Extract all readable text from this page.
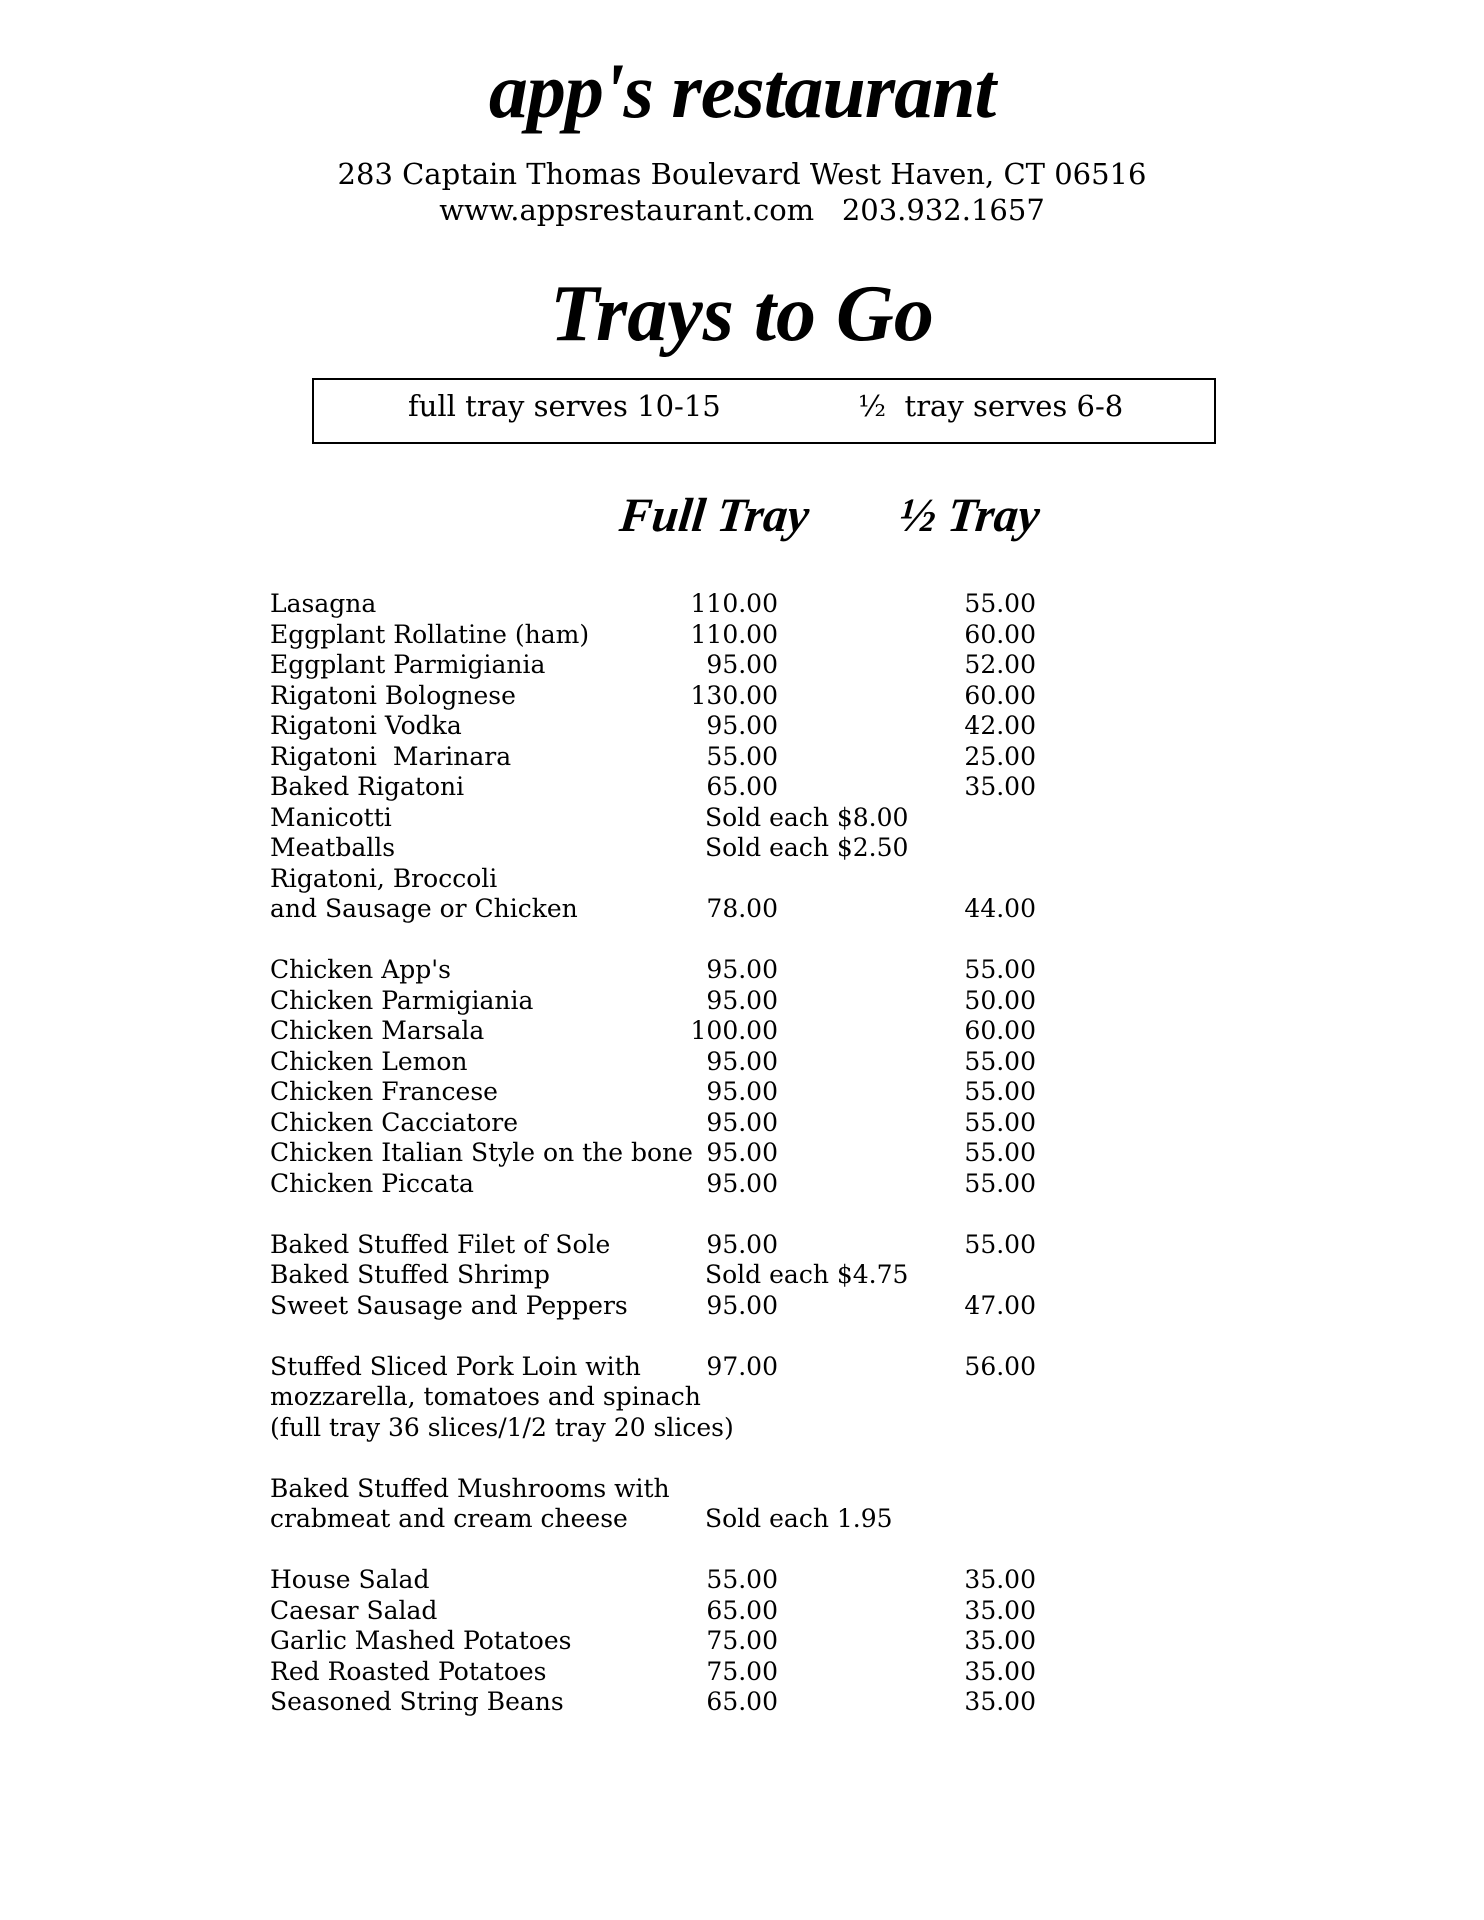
app's restaurant
283 Captain Thomas Boulevard West Haven, CT 06516
www.appsrestaurant.com   203.932.1657
Trays to Go
full tray serves 10-15	½  tray serves 6-8
Full Tray ½ Tray
Lasagna	110.00	55.00
Eggplant Rollatine (ham)	110.00	60.00
Eggplant Parmigiania	95.00	52.00
Rigatoni Bolognese	130.00	60.00
Rigatoni Vodka	95.00	42.00
Rigatoni  Marinara	55.00	25.00
Baked Rigatoni	65.00	35.00
Manicotti	Sold each $8.00
Meatballs	Sold each $2.50
Rigatoni, Broccoli
and Sausage or Chicken	78.00	44.00
Chicken App's	95.00	55.00
Chicken Parmigiania	95.00	50.00
Chicken Marsala	100.00	60.00
Chicken Lemon	95.00	55.00
Chicken Francese	95.00	55.00
Chicken Cacciatore	95.00	55.00
Chicken Italian Style on the bone 95.00	55.00
Chicken Piccata	95.00	55.00
Baked Stuffed Filet of Sole	95.00	55.00
Baked Stuffed Shrimp	Sold each $4.75
Sweet Sausage and Peppers	95.00	47.00
Stuffed Sliced Pork Loin with	97.00	56.00
mozzarella, tomatoes and spinach
(full tray 36 slices/1/2 tray 20 slices)
Baked Stuffed Mushrooms with
crabmeat and cream cheese	Sold each 1.95
House Salad	55.00	35.00
Caesar Salad	65.00	35.00
Garlic Mashed Potatoes	75.00	35.00
Red Roasted Potatoes	75.00	35.00
Seasoned String Beans	65.00	35.00
